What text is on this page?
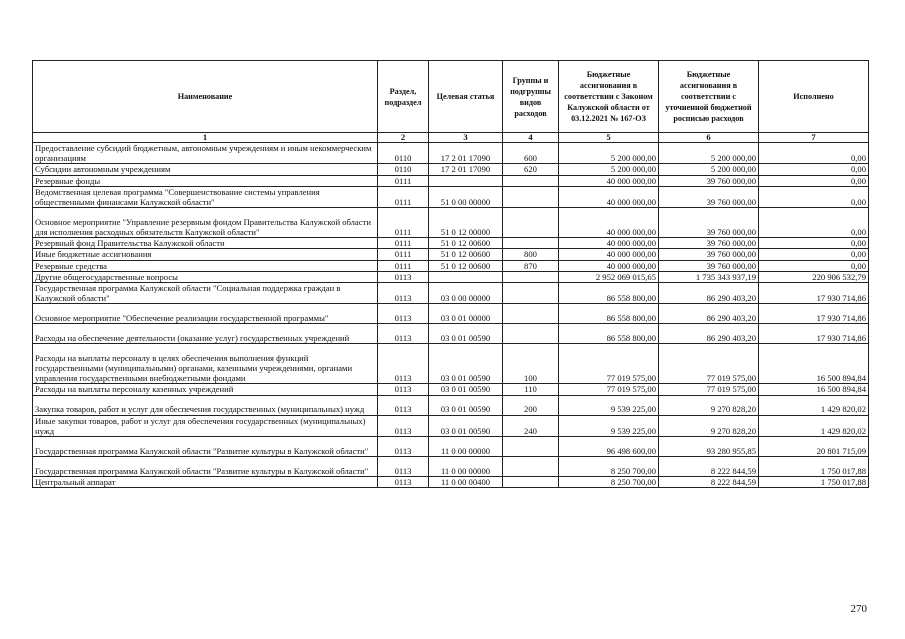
Наименование	Раздел, подраздел	Целевая статья	Группы и подгруппы видов расходов	Бюджетные ассигнования в соответствии с Законом Калужской области от 03.12.2021 № 167-ОЗ	Бюджетные ассигнования в соответствии с уточненной бюджетной росписью расходов	Исполнено
1	2	3	4	5	6	7
Предоставление субсидий бюджетным, автономным учреждениям и иным некоммерческим организациям	0110	17 2 01 17090	600	5 200 000,00	5 200 000,00	0,00
Субсидии автономным учреждениям	0110	17 2 01 17090	620	5 200 000,00	5 200 000,00	0,00
Резервные фонды	0111			40 000 000,00	39 760 000,00	0,00
Ведомственная целевая программа "Совершенствование системы управления общественными финансами Калужской области"	0111	51 0 00 00000		40 000 000,00	39 760 000,00	0,00
Основное мероприятие "Управление резервным фондом Правительства Калужской области для исполнения расходных обязательств Калужской области"	0111	51 0 12 00000		40 000 000,00	39 760 000,00	0,00
Резервный фонд Правительства Калужской области	0111	51 0 12 00600		40 000 000,00	39 760 000,00	0,00
Иные бюджетные ассигнования	0111	51 0 12 00600	800	40 000 000,00	39 760 000,00	0,00
Резервные средства	0111	51 0 12 00600	870	40 000 000,00	39 760 000,00	0,00
Другие общегосударственные вопросы	0113			2 952 069 015,65	1 735 343 937,19	220 906 532,79
Государственная программа Калужской области "Социальная поддержка граждан в Калужской области"	0113	03 0 00 00000		86 558 800,00	86 290 403,20	17 930 714,86
Основное мероприятие "Обеспечение реализации государственной программы"	0113	03 0 01 00000		86 558 800,00	86 290 403,20	17 930 714,86
Расходы на обеспечение деятельности (оказание услуг) государственных учреждений	0113	03 0 01 00590		86 558 800,00	86 290 403,20	17 930 714,86
Расходы на выплаты персоналу в целях обеспечения выполнения функций государственными (муниципальными) органами, казенными учреждениями, органами управления государственными внебюджетными фондами	0113	03 0 01 00590	100	77 019 575,00	77 019 575,00	16 500 894,84
Расходы на выплаты персоналу казенных учреждений	0113	03 0 01 00590	110	77 019 575,00	77 019 575,00	16 500 894,84
Закупка товаров, работ и услуг для обеспечения государственных (муниципальных) нужд	0113	03 0 01 00590	200	9 539 225,00	9 270 828,20	1 429 820,02
Иные закупки товаров, работ и услуг для обеспечения государственных (муниципальных) нужд	0113	03 0 01 00590	240	9 539 225,00	9 270 828,20	1 429 820,02
Государственная программа Калужской области "Развитие культуры в Калужской области"	0113	11 0 00 00000		96 498 600,00	93 280 955,85	20 801 715,09
Государственная программа Калужской области "Развитие культуры в Калужской области"	0113	11 0 00 00000		8 250 700,00	8 222 844,59	1 750 017,88
Центральный аппарат	0113	11 0 00 00400		8 250 700,00	8 222 844,59	1 750 017,88
270
